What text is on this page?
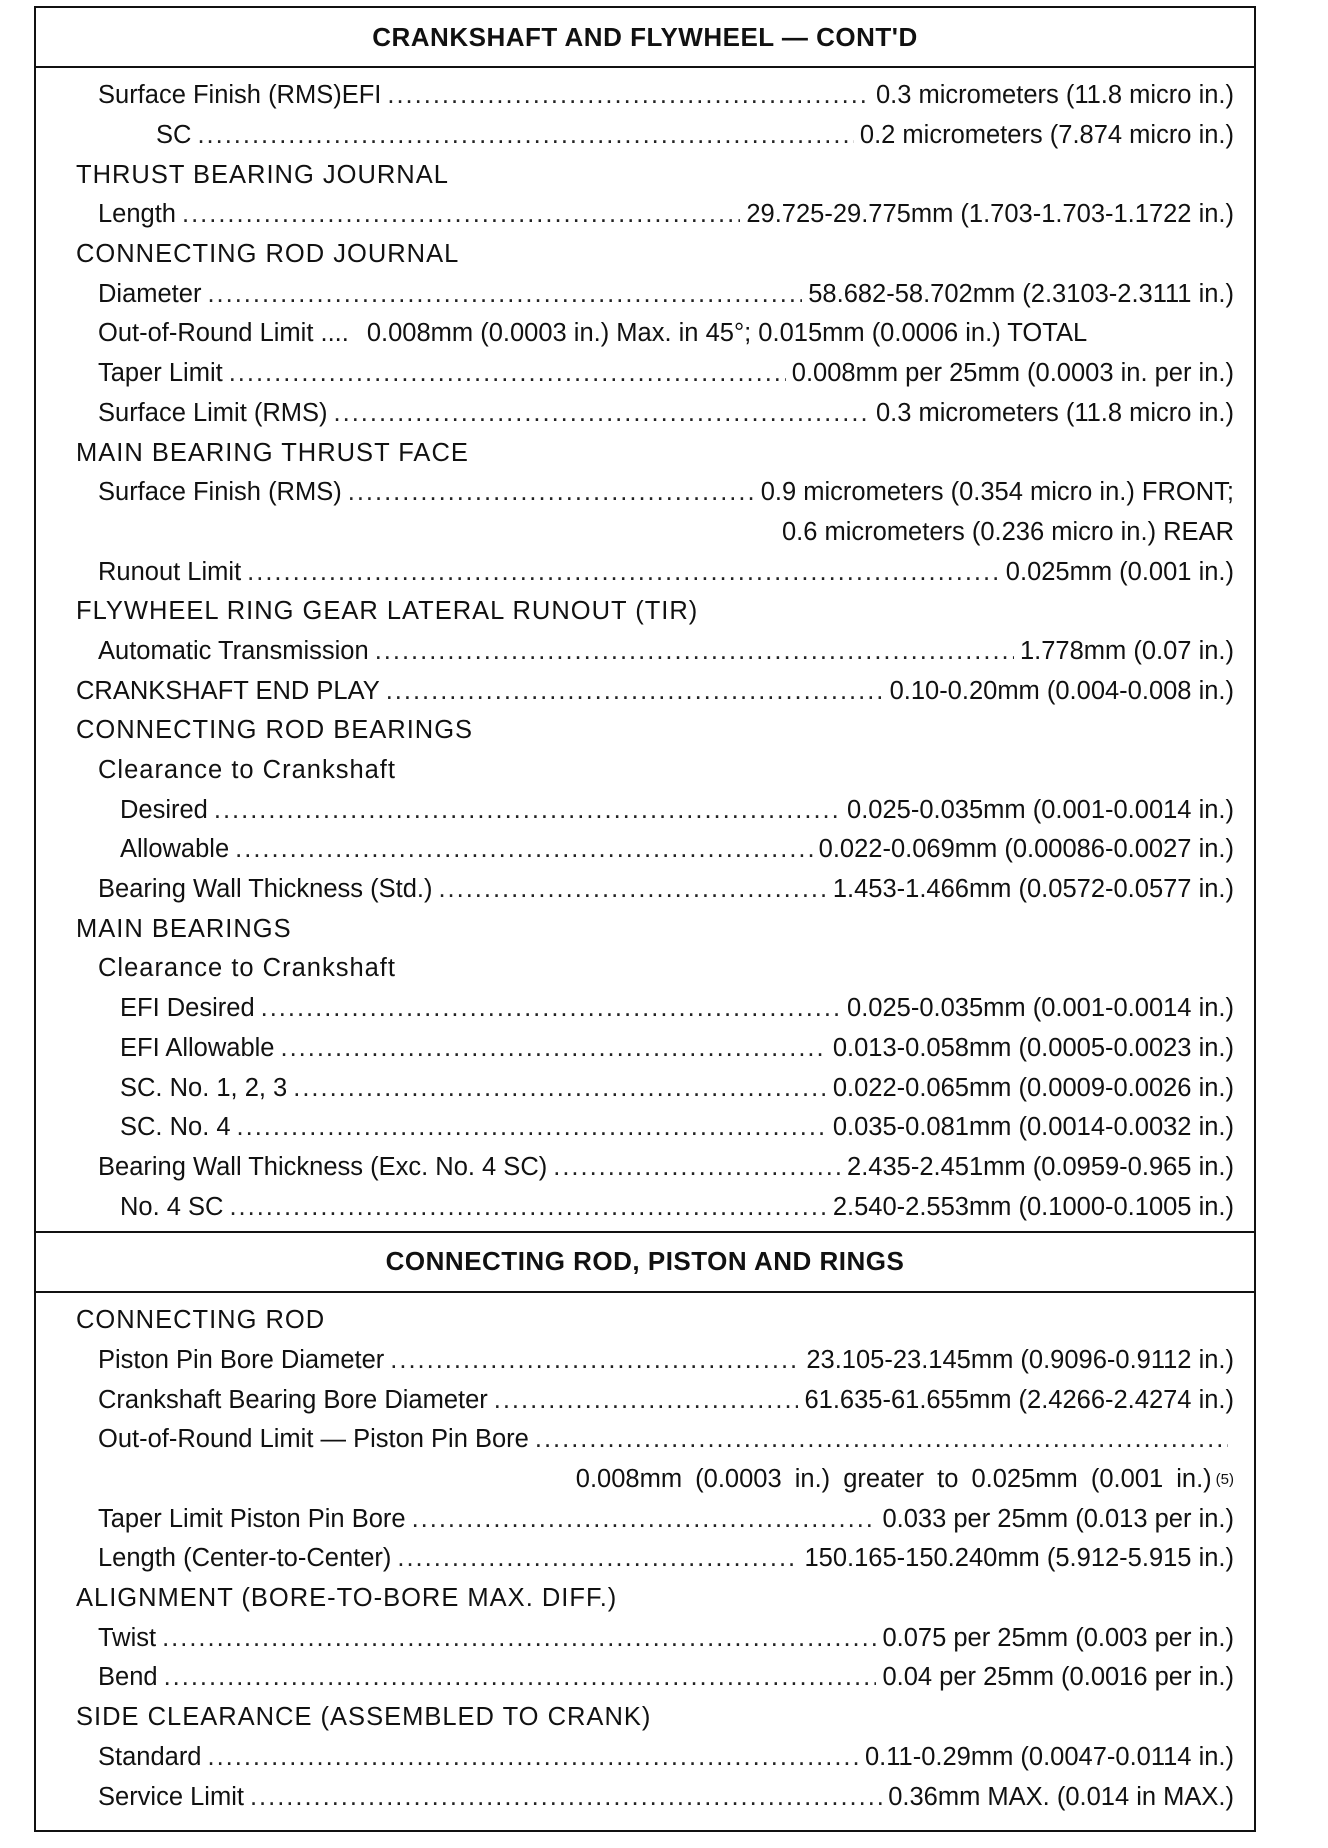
CRANKSHAFT AND FLYWHEEL — CONT'D
Surface Finish (RMS)EFI .....	0.3 micrometers (11.8 micro in.)
SC .....	0.2 micrometers (7.874 micro in.)
THRUST BEARING JOURNAL
Length .....	29.725-29.775mm (1.703-1.703-1.1722 in.)
CONNECTING ROD JOURNAL
Diameter .....	58.682-58.702mm (2.3103-2.3111 in.)
Out-of-Round Limit .... 0.008mm (0.0003 in.) Max. in 45°; 0.015mm (0.0006 in.) TOTAL
Taper Limit .....	0.008mm per 25mm (0.0003 in. per in.)
Surface Limit (RMS) .....	0.3 micrometers (11.8 micro in.)
MAIN BEARING THRUST FACE
Surface Finish (RMS) .....	0.9 micrometers (0.354 micro in.) FRONT;
0.6 micrometers (0.236 micro in.) REAR
Runout Limit .....	0.025mm (0.001 in.)
FLYWHEEL RING GEAR LATERAL RUNOUT (TIR)
Automatic Transmission .....	1.778mm (0.07 in.)
CRANKSHAFT END PLAY .....	0.10-0.20mm (0.004-0.008 in.)
CONNECTING ROD BEARINGS
Clearance to Crankshaft
Desired .....	0.025-0.035mm (0.001-0.0014 in.)
Allowable .....	0.022-0.069mm (0.00086-0.0027 in.)
Bearing Wall Thickness (Std.) .....	1.453-1.466mm (0.0572-0.0577 in.)
MAIN BEARINGS
Clearance to Crankshaft
EFI Desired .....	0.025-0.035mm (0.001-0.0014 in.)
EFI Allowable .....	0.013-0.058mm (0.0005-0.0023 in.)
SC. No. 1, 2, 3 .....	0.022-0.065mm (0.0009-0.0026 in.)
SC. No. 4 .....	0.035-0.081mm (0.0014-0.0032 in.)
Bearing Wall Thickness (Exc. No. 4 SC) .....	2.435-2.451mm (0.0959-0.965 in.)
No. 4 SC .....	2.540-2.553mm (0.1000-0.1005 in.)
CONNECTING ROD, PISTON AND RINGS
CONNECTING ROD
Piston Pin Bore Diameter .....	23.105-23.145mm (0.9096-0.9112 in.)
Crankshaft Bearing Bore Diameter .....	61.635-61.655mm (2.4266-2.4274 in.)
Out-of-Round Limit — Piston Pin Bore
.....
0.008mm (0.0003 in.) greater to 0.025mm (0.001 in.) (5)
Taper Limit Piston Pin Bore .....	0.033 per 25mm (0.013 per in.)
Length (Center-to-Center) .....	150.165-150.240mm (5.912-5.915 in.)
ALIGNMENT (BORE-TO-BORE MAX. DIFF.)
Twist .....	0.075 per 25mm (0.003 per in.)
Bend .....	0.04 per 25mm (0.0016 per in.)
SIDE CLEARANCE (ASSEMBLED TO CRANK)
Standard .....	0.11-0.29mm (0.0047-0.0114 in.)
Service Limit .....	0.36mm MAX. (0.014 in MAX.)
